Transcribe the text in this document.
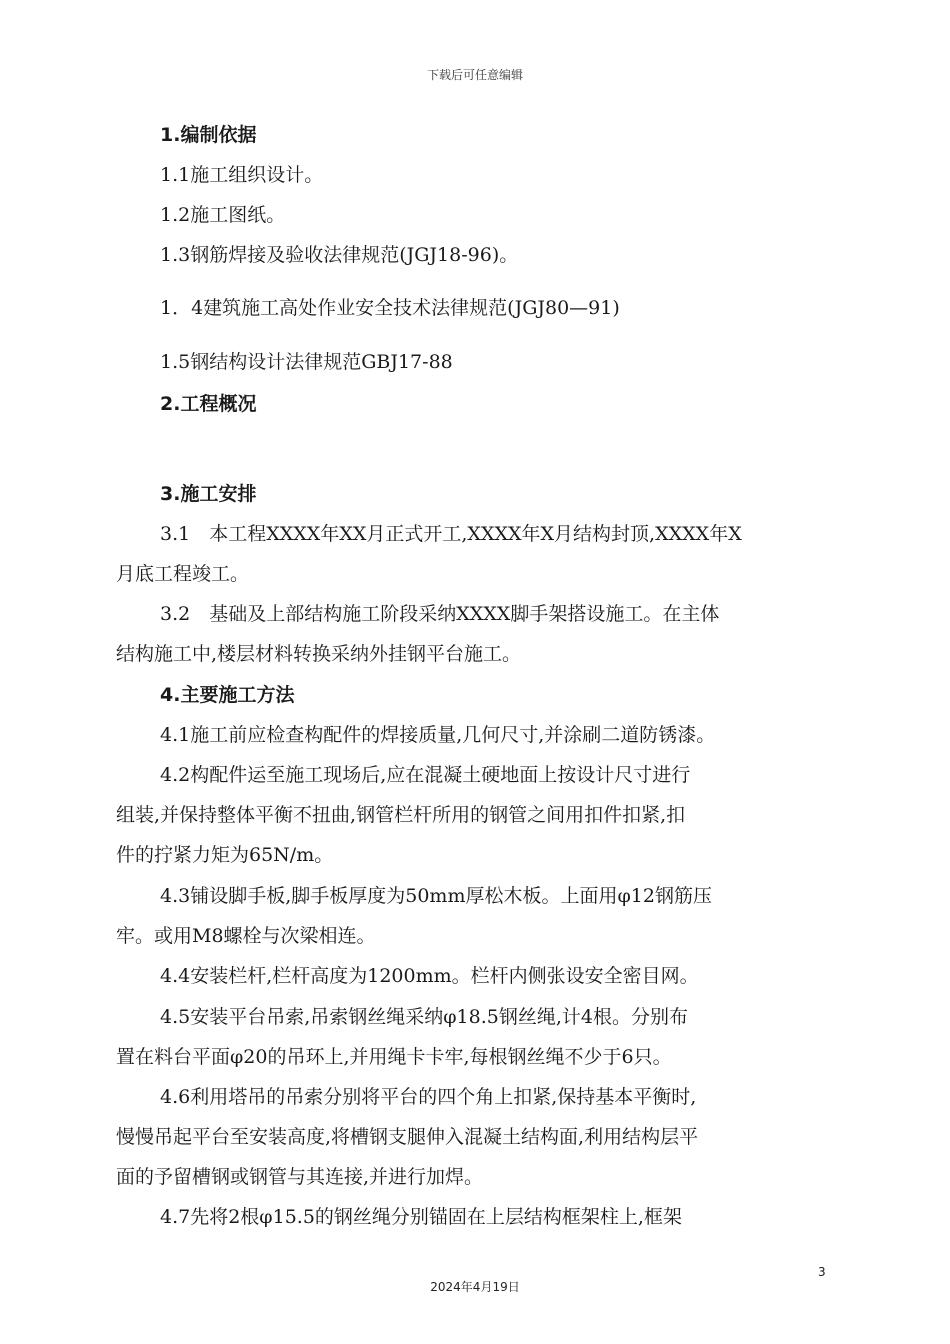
下载后可任意编辑
1.编制依据
1.1施工组织设计。
1.2施工图纸。
1.3钢筋焊接及验收法律规范(JGJ18-96)。
1．4建筑施工高处作业安全技术法律规范(JGJ80—91)
1.5钢结构设计法律规范GBJ17-88
2.工程概况
3.施工安排
3.1　本工程XXXX年XX月正式开工,XXXX年X月结构封顶,XXXX年X
月底工程竣工。
3.2　基础及上部结构施工阶段采纳XXXX脚手架搭设施工。在主体
结构施工中,楼层材料转换采纳外挂钢平台施工。
4.主要施工方法
4.1施工前应检查构配件的焊接质量,几何尺寸,并涂刷二道防锈漆。
4.2构配件运至施工现场后,应在混凝土硬地面上按设计尺寸进行
组装,并保持整体平衡不扭曲,钢管栏杆所用的钢管之间用扣件扣紧,扣
件的拧紧力矩为65N/m。
4.3铺设脚手板,脚手板厚度为50mm厚松木板。上面用φ12钢筋压
牢。或用M8螺栓与次梁相连。
4.4安装栏杆,栏杆高度为1200mm。栏杆内侧张设安全密目网。
4.5安装平台吊索,吊索钢丝绳采纳φ18.5钢丝绳,计4根。分别布
置在料台平面φ20的吊环上,并用绳卡卡牢,每根钢丝绳不少于6只。
4.6利用塔吊的吊索分别将平台的四个角上扣紧,保持基本平衡时,
慢慢吊起平台至安装高度,将槽钢支腿伸入混凝土结构面,利用结构层平
面的予留槽钢或钢管与其连接,并进行加焊。
4.7先将2根φ15.5的钢丝绳分别锚固在上层结构框架柱上,框架
3
2024年4月19日
